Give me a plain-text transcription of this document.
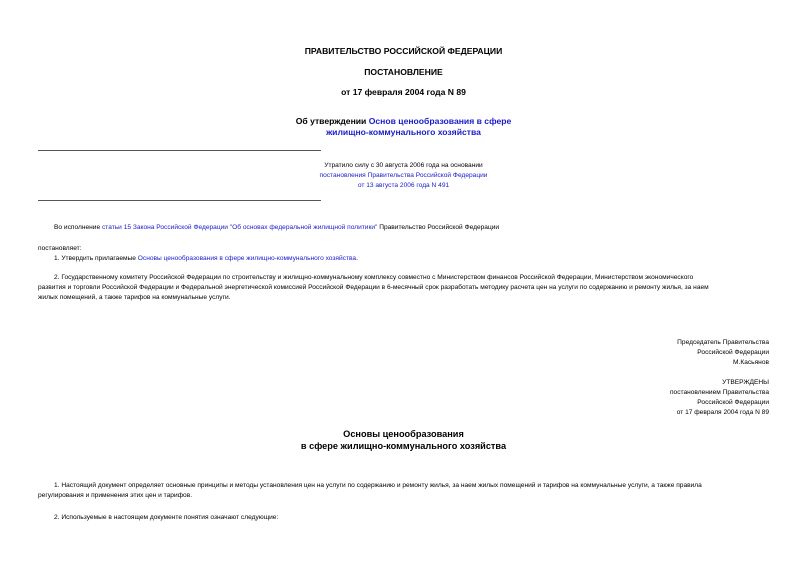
ПРАВИТЕЛЬСТВО РОССИЙСКОЙ ФЕДЕРАЦИИ
ПОСТАНОВЛЕНИЕ
от 17 февраля 2004 года N 89
Об утверждении Основ ценообразования в сфере
жилищно-коммунального хозяйства
Утратило силу с 30 августа 2006 года на основании
постановления Правительства Российской Федерации
от 13 августа 2006 года N 491
Во исполнение статьи 15 Закона Российской Федерации "Об основах федеральной жилищной политики" Правительство Российской Федерации
постановляет:
1. Утвердить прилагаемые Основы ценообразования в сфере жилищно-коммунального хозяйства.
2. Государственному комитету Российской Федерации по строительству и жилищно-коммунальному комплексу совместно с Министерством финансов Российской Федерации, Министерством экономического
развития и торговли Российской Федерации и Федеральной энергетической комиссией Российской Федерации в 6-месячный срок разработать методику расчета цен на услуги по содержанию и ремонту жилья, за наем
жилых помещений, а также тарифов на коммунальные услуги.
Председатель Правительства
Российской Федерации
М.Касьянов
УТВЕРЖДЕНЫ
постановлением Правительства
Российской Федерации
от 17 февраля 2004 года N 89
Основы ценообразования
в сфере жилищно-коммунального хозяйства
1. Настоящий документ определяет основные принципы и методы установления цен на услуги по содержанию и ремонту жилья, за наем жилых помещений и тарифов на коммунальные услуги, а также правила
регулирования и применения этих цен и тарифов.
2. Используемые в настоящем документе понятия означают следующие:
